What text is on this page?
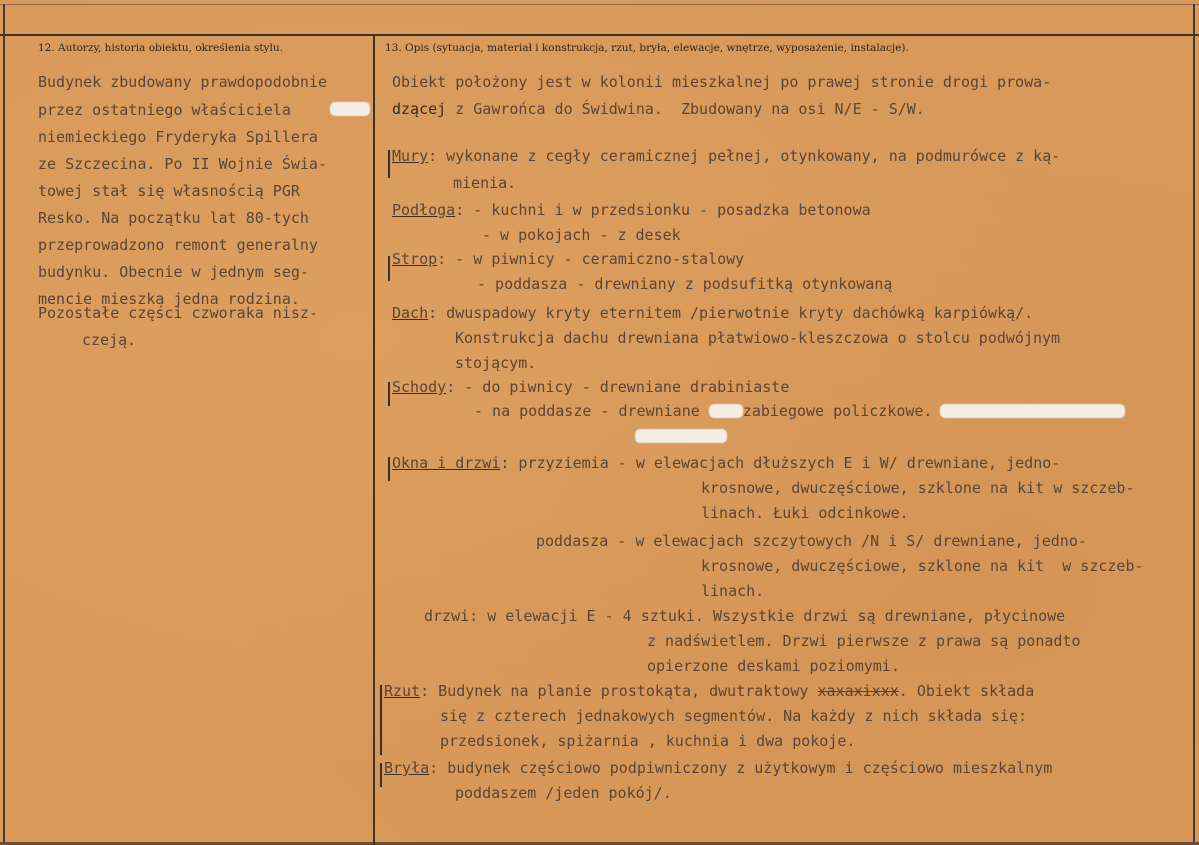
12. Autorzy, historia obiektu, określenia stylu.	13. Opis (sytuacja, materiał i konstrukcja, rzut, bryła, elewacje, wnętrze, wyposażenie, instalacje).
Budynek zbudowany prawdopodobnie
przez ostatniego właściciela
niemieckiego Fryderyka Spillera
ze Szczecina. Po II Wojnie Świa-
towej stał się własnością PGR
Resko. Na początku lat 80-tych
przeprowadzono remont generalny
budynku. Obecnie w jednym seg-
mencie mieszka jedna rodzina.
Pozostałe części czworaka nisz-
czeją.
Obiekt położony jest w kolonii mieszkalnej po prawej stronie drogi prowa-
dzącej z Gawrońca do Świdwina.  Zbudowany na osi N/E - S/W.
Mury: wykonane z cegły ceramicznej pełnej, otynkowany, na podmurówce z ką-
mienia.
Podłoga: - kuchni i w przedsionku - posadzka betonowa
- w pokojach - z desek
Strop: - w piwnicy - ceramiczno-stalowy
- poddasza - drewniany z podsufitką otynkowaną
Dach: dwuspadowy kryty eternitem /pierwotnie kryty dachówką karpiówką/.
Konstrukcja dachu drewniana płatwiowo-kleszczowa o stolcu podwójnym
stojącym.
Schody: - do piwnicy - drewniane drabiniaste
- na poddasze - drewniane zabiegowe policzkowe.
Okna i drzwi: przyziemia - w elewacjach dłuższych E i W/ drewniane, jedno-
krosnowe, dwuczęściowe, szklone na kit w szczeb-
linach. Łuki odcinkowe.
poddasza - w elewacjach szczytowych /N i S/ drewniane, jedno-
krosnowe, dwuczęściowe, szklone na kit  w szczeb-
linach.
drzwi: w elewacji E - 4 sztuki. Wszystkie drzwi są drewniane, płycinowe
z nadświetlem. Drzwi pierwsze z prawa są ponadto
opierzone deskami poziomymi.
Rzut: Budynek na planie prostokąta, dwutraktowy xaxaxixxx. Obiekt składa
się z czterech jednakowych segmentów. Na każdy z nich składa się:
przedsionek, spiżarnia , kuchnia i dwa pokoje.
Bryła: budynek częściowo podpiwniczony z użytkowym i częściowo mieszkalnym
poddaszem /jeden pokój/.
